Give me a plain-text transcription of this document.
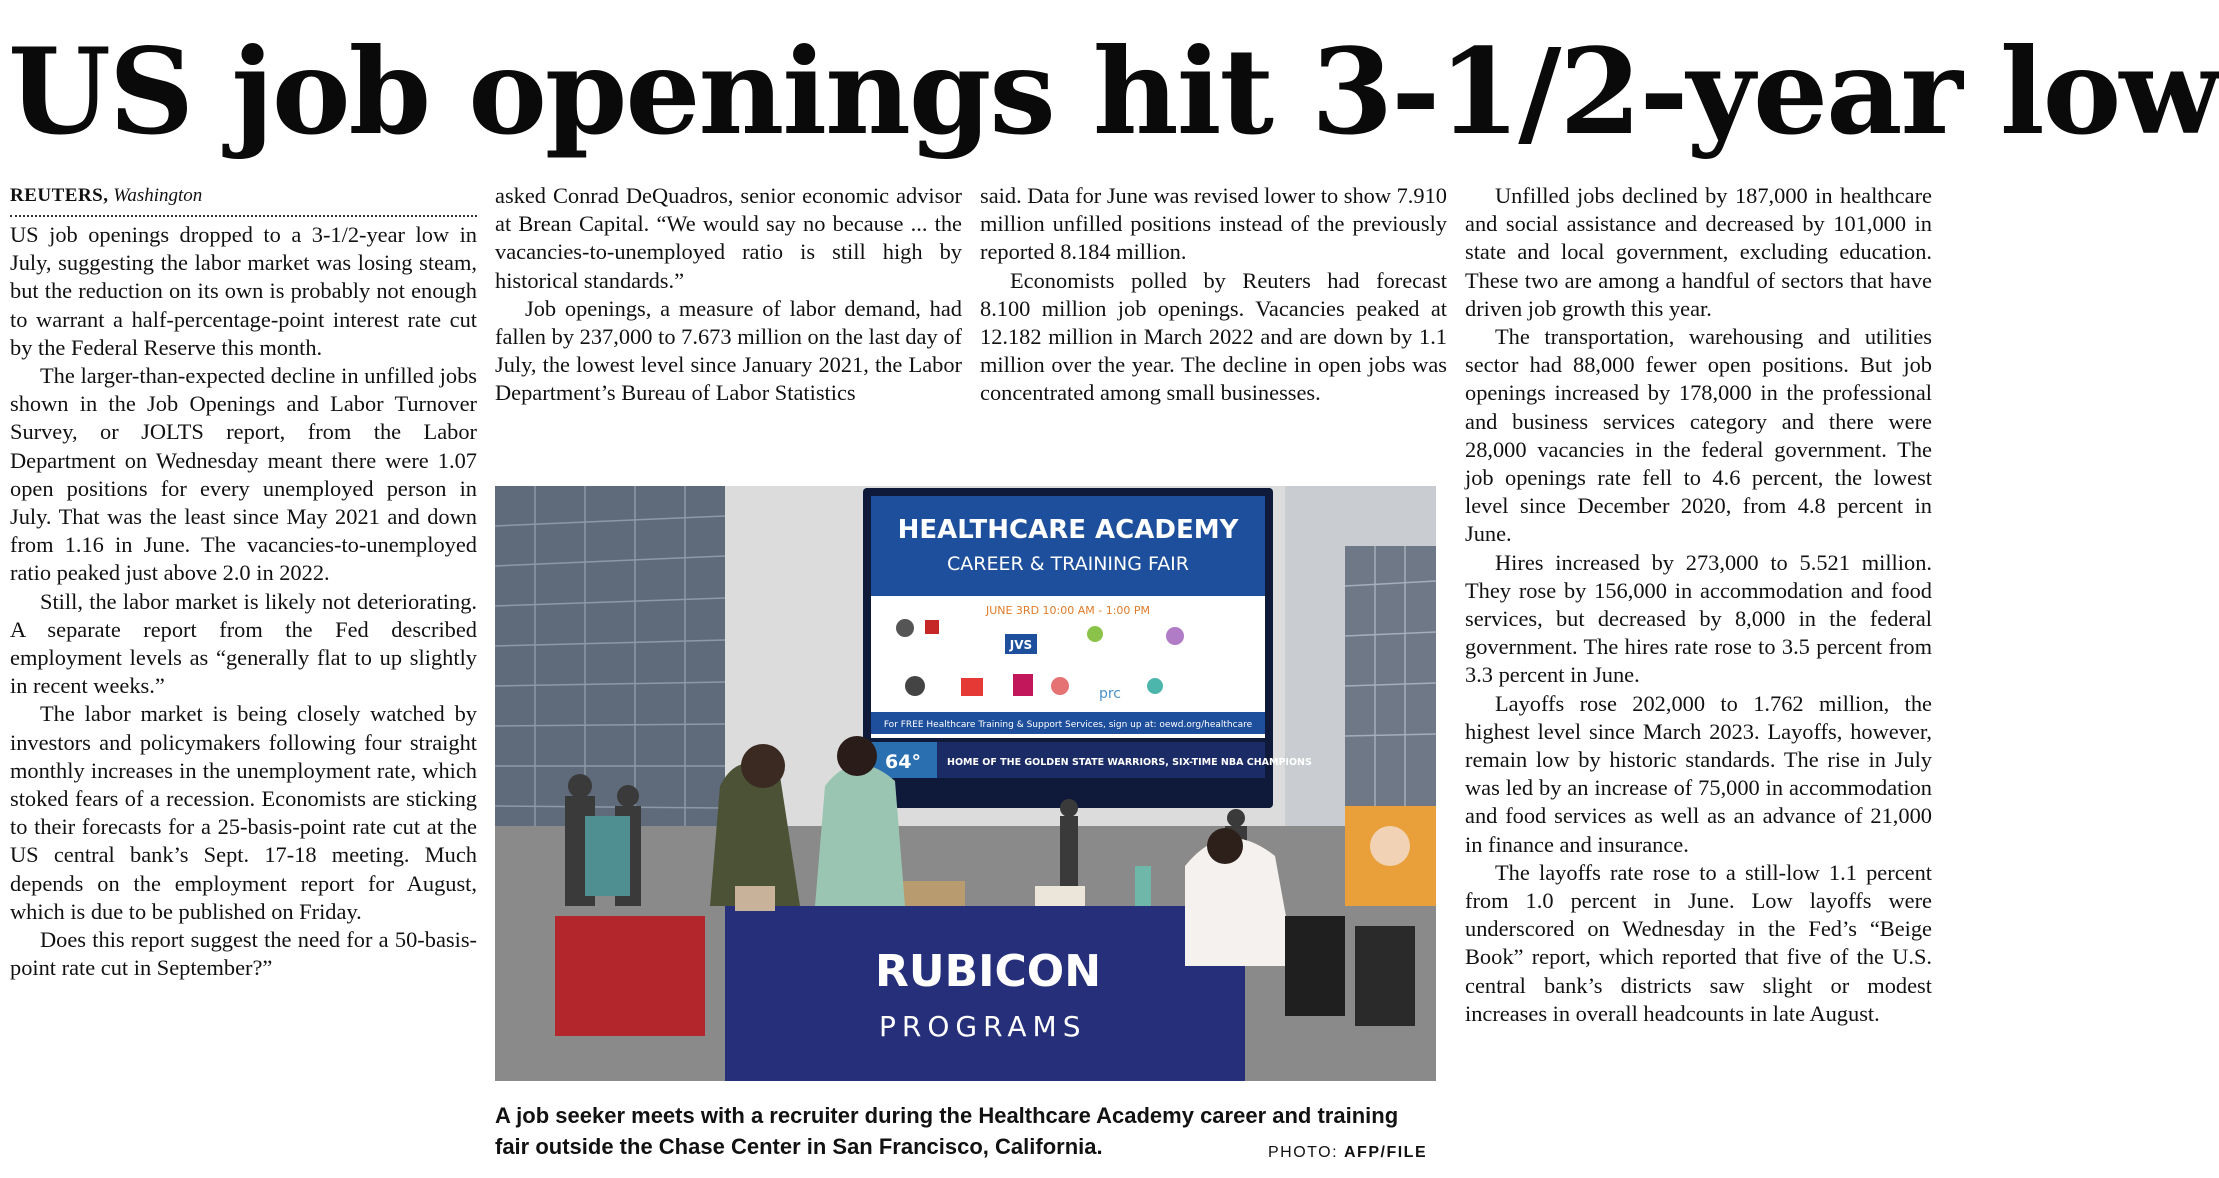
US job openings hit 3-1/2-year low
REUTERS, Washington

US job openings dropped to a 3-1/2-year low in July, suggesting the labor market was losing steam, but the reduction on its own is probably not enough to warrant a half-percentage-point interest rate cut by the Federal Reserve this month.

The larger-than-expected decline in unfilled jobs shown in the Job Openings and Labor Turnover Survey, or JOLTS report, from the Labor Department on Wednesday meant there were 1.07 open positions for every unemployed person in July. That was the least since May 2021 and down from 1.16 in June. The vacancies-to-unemployed ratio peaked just above 2.0 in 2022.

Still, the labor market is likely not deteriorating. A separate report from the Fed described employment levels as “generally flat to up slightly in recent weeks.”

The labor market is being closely watched by investors and policymakers following four straight monthly increases in the unemployment rate, which stoked fears of a recession. Economists are sticking to their forecasts for a 25-basis-point rate cut at the US central bank’s Sept. 17-18 meeting. Much depends on the employment report for August, which is due to be published on Friday.

Does this report suggest the need for a 50-basis-point rate cut in September?”

asked Conrad DeQuadros, senior economic advisor at Brean Capital. “We would say no because ... the vacancies-to-unemployed ratio is still high by historical standards.”

Job openings, a measure of labor demand, had fallen by 237,000 to 7.673 million on the last day of July, the lowest level since January 2021, the Labor Department’s Bureau of Labor Statistics

said. Data for June was revised lower to show 7.910 million unfilled positions instead of the previously reported 8.184 million.

Economists polled by Reuters had forecast 8.100 million job openings. Vacancies peaked at 12.182 million in March 2022 and are down by 1.1 million over the year. The decline in open jobs was concentrated among small businesses.

Unfilled jobs declined by 187,000 in healthcare and social assistance and decreased by 101,000 in state and local government, excluding education. These two are among a handful of sectors that have driven job growth this year.

The transportation, warehousing and utilities sector had 88,000 fewer open positions. But job openings increased by 178,000 in the professional and business services category and there were 28,000 vacancies in the federal government. The job openings rate fell to 4.6 percent, the lowest level since December 2020, from 4.8 percent in June.

Hires increased by 273,000 to 5.521 million. They rose by 156,000 in accommodation and food services, but decreased by 8,000 in the federal government. The hires rate rose to 3.5 percent from 3.3 percent in June.

Layoffs rose 202,000 to 1.762 million, the highest level since March 2023. Layoffs, however, remain low by historic standards. The rise in July was led by an increase of 75,000 in accommodation and food services as well as an advance of 21,000 in finance and insurance.

The layoffs rate rose to a still-low 1.1 percent from 1.0 percent in June. Low layoffs were underscored on Wednesday in the Fed’s “Beige Book” report, which reported that five of the U.S. central bank’s districts saw slight or modest increases in overall headcounts in late August.

HEALTHCARE ACADEMY
CAREER & TRAINING FAIR
JUNE 3RD 10:00 AM - 1:00 PM
JVS
prc
For FREE Healthcare Training & Support Services, sign up at: oewd.org/healthcare
64°	HOME OF THE GOLDEN STATE WARRIORS, SIX-TIME NBA CHAMPIONS
RUBICON
PROGRAMS
A job seeker meets with a recruiter during the Healthcare Academy career and training fair outside the Chase Center in San Francisco, California.	PHOTO: AFP/FILE
